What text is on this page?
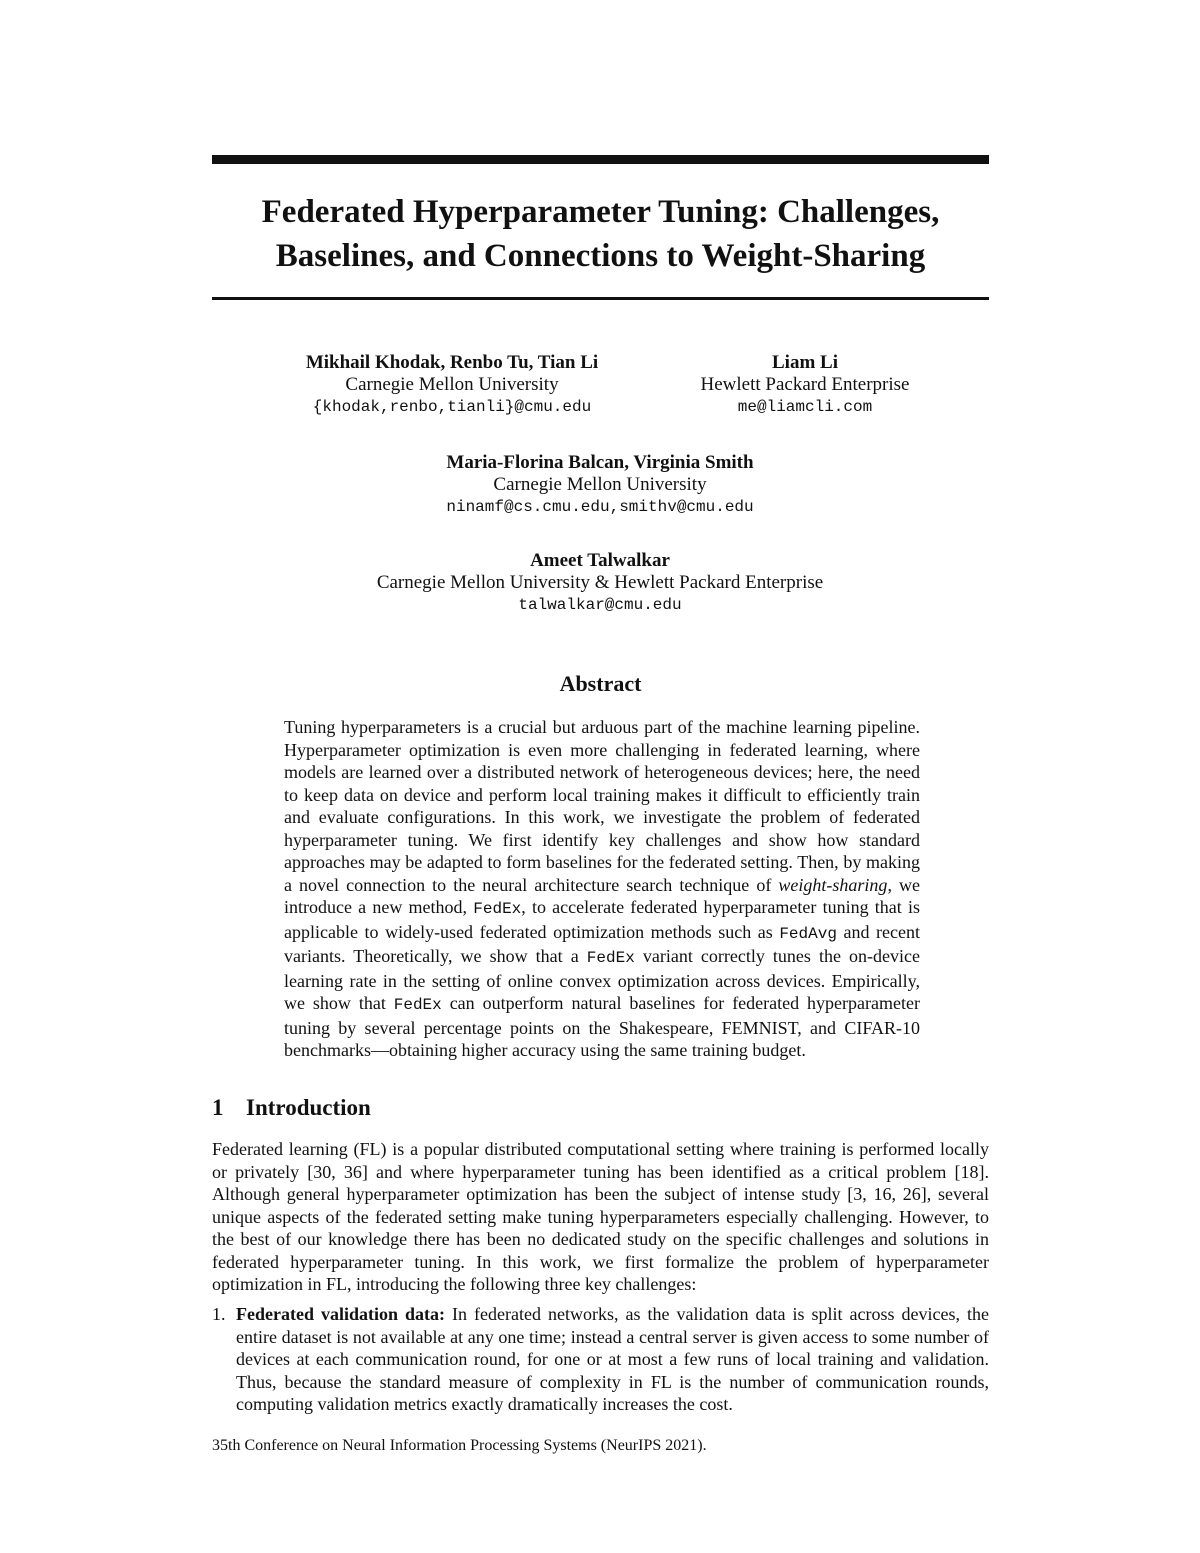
Federated Hyperparameter Tuning: Challenges,
Baselines, and Connections to Weight-Sharing
Mikhail Khodak, Renbo Tu, Tian Li
Carnegie Mellon University
{khodak,renbo,tianli}@cmu.edu
Liam Li
Hewlett Packard Enterprise
me@liamcli.com
Maria-Florina Balcan, Virginia Smith
Carnegie Mellon University
ninamf@cs.cmu.edu,smithv@cmu.edu
Ameet Talwalkar
Carnegie Mellon University & Hewlett Packard Enterprise
talwalkar@cmu.edu
Abstract

Tuning hyperparameters is a crucial but arduous part of the machine learning pipeline. Hyperparameter optimization is even more challenging in federated learning, where models are learned over a distributed network of heterogeneous devices; here, the need to keep data on device and perform local training makes it difficult to efficiently train and evaluate configurations. In this work, we investigate the problem of federated hyperparameter tuning. We first identify key challenges and show how standard approaches may be adapted to form baselines for the federated setting. Then, by making a novel connection to the neural architecture search technique of weight-sharing, we introduce a new method, FedEx, to accelerate federated hyperparameter tuning that is applicable to widely-used federated optimization methods such as FedAvg and recent variants. Theoretically, we show that a FedEx variant correctly tunes the on-device learning rate in the setting of online convex optimization across devices. Empirically, we show that FedEx can outperform natural baselines for federated hyperparameter tuning by several percentage points on the Shakespeare, FEMNIST, and CIFAR-10 benchmarks—obtaining higher accuracy using the same training budget.

1 Introduction

Federated learning (FL) is a popular distributed computational setting where training is performed locally or privately [30, 36] and where hyperparameter tuning has been identified as a critical problem [18]. Although general hyperparameter optimization has been the subject of intense study [3, 16, 26], several unique aspects of the federated setting make tuning hyperparameters especially challenging. However, to the best of our knowledge there has been no dedicated study on the specific challenges and solutions in federated hyperparameter tuning. In this work, we first formalize the problem of hyperparameter optimization in FL, introducing the following three key challenges:

1. Federated validation data: In federated networks, as the validation data is split across devices, the entire dataset is not available at any one time; instead a central server is given access to some number of devices at each communication round, for one or at most a few runs of local training and validation. Thus, because the standard measure of complexity in FL is the number of communication rounds, computing validation metrics exactly dramatically increases the cost.

35th Conference on Neural Information Processing Systems (NeurIPS 2021).
